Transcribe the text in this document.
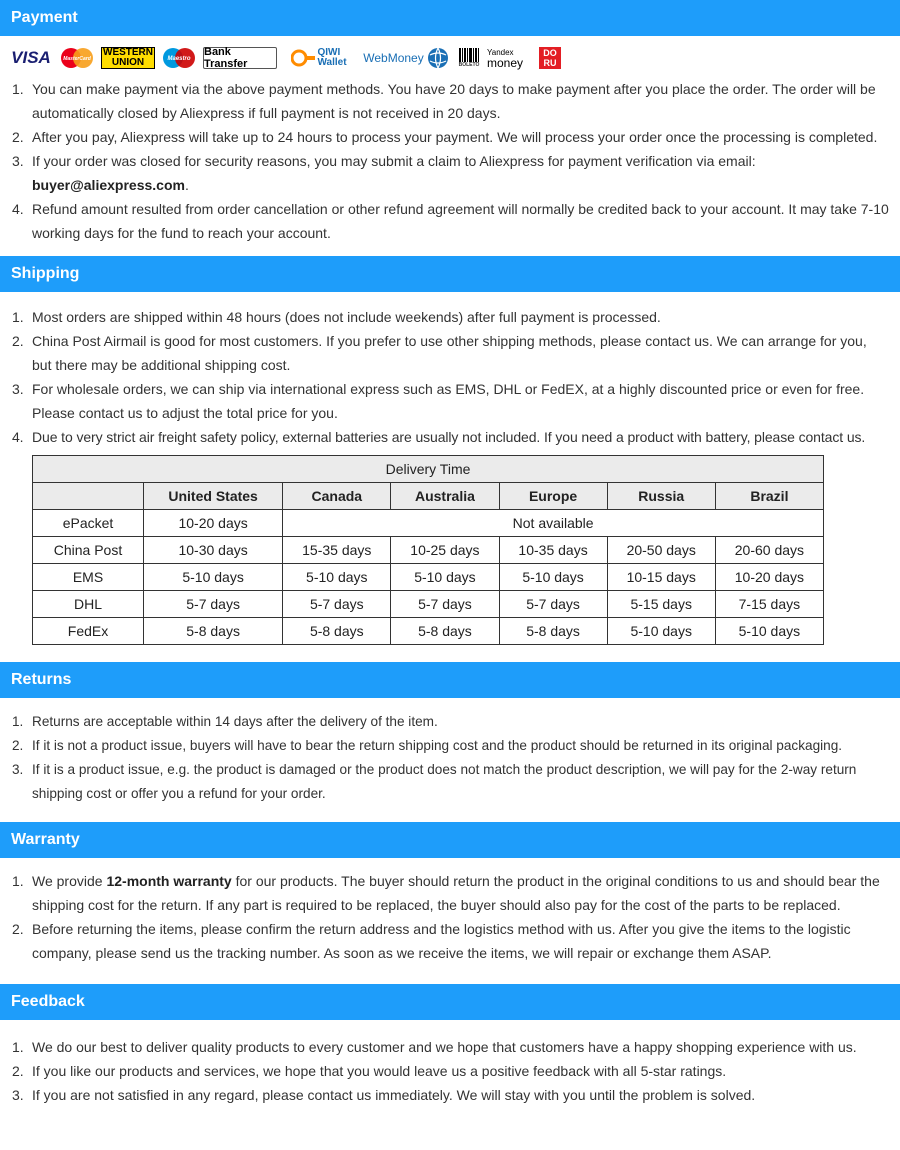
Payment
VISA	MasterCard
WESTERN
UNION	Maestro
Bank Transfer
QIWI
Wallet WebMoney	BOLETO
Yandex
money
DO
RU
1. You can make payment via the above payment methods. You have 20 days to make payment after you place the order. The order will be automatically closed by Aliexpress if full payment is not received in 20 days.
2. After you pay, Aliexpress will take up to 24 hours to process your payment. We will process your order once the processing is completed.
3. If your order was closed for security reasons, you may submit a claim to Aliexpress for payment verification via email:
buyer@aliexpress.com.
4. Refund amount resulted from order cancellation or other refund agreement will normally be credited back to your account. It may take 7-10 working days for the fund to reach your account.
Shipping
1. Most orders are shipped within 48 hours (does not include weekends) after full payment is processed.
2. China Post Airmail is good for most customers. If you prefer to use other shipping methods, please contact us. We can arrange for you, but there may be additional shipping cost.
3. For wholesale orders, we can ship via international express such as EMS, DHL or FedEX, at a highly discounted price or even for free. Please contact us to adjust the total price for you.
4. Due to very strict air freight safety policy, external batteries are usually not included. If you need a product with battery, please contact us.
Delivery Time						
	United States	Canada	Australia	Europe	Russia	Brazil
ePacket	10-20 days	Not available				
China Post	10-30 days	15-35 days	10-25 days	10-35 days	20-50 days	20-60 days
EMS	5-10 days	5-10 days	5-10 days	5-10 days	10-15 days	10-20 days
DHL	5-7 days	5-7 days	5-7 days	5-7 days	5-15 days	7-15 days
FedEx	5-8 days	5-8 days	5-8 days	5-8 days	5-10 days	5-10 days
Returns
1. Returns are acceptable within 14 days after the delivery of the item.
2. If it is not a product issue, buyers will have to bear the return shipping cost and the product should be returned in its original packaging.
3. If it is a product issue, e.g. the product is damaged or the product does not match the product description, we will pay for the 2-way return shipping cost or offer you a refund for your order.
Warranty
1. We provide 12-month warranty for our products. The buyer should return the product in the original conditions to us and should bear the shipping cost for the return. If any part is required to be replaced, the buyer should also pay for the cost of the parts to be replaced.
2. Before returning the items, please confirm the return address and the logistics method with us. After you give the items to the logistic company, please send us the tracking number. As soon as we receive the items, we will repair or exchange them ASAP.
Feedback
1. We do our best to deliver quality products to every customer and we hope that customers have a happy shopping experience with us.
2. If you like our products and services, we hope that you would leave us a positive feedback with all 5-star ratings.
3. If you are not satisfied in any regard, please contact us immediately. We will stay with you until the problem is solved.
